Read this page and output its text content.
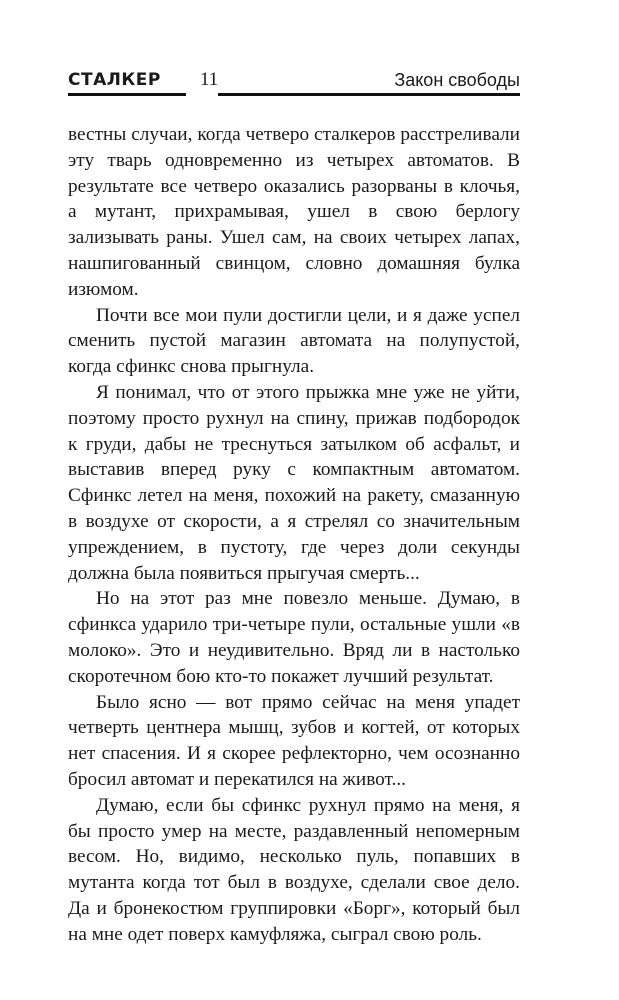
СТАЛКЕР 11	Закон свободы

вестны случаи, когда четверо сталкеров расстреливали эту тварь одновременно из четырех автоматов. В результате все четверо оказались разорваны в клочья, а мутант, прихрамывая, ушел в свою берлогу зализывать раны. Ушел сам, на своих четырех лапах, нашпигованный свинцом, словно домашняя булка изюмом.

Почти все мои пули достигли цели, и я даже успел сменить пустой магазин автомата на полупустой, когда сфинкс снова прыгнула.

Я понимал, что от этого прыжка мне уже не уйти, поэтому просто рухнул на спину, прижав подбородок к груди, дабы не треснуться затылком об асфальт, и выставив вперед руку с компактным автоматом. Сфинкс летел на меня, похожий на ракету, смазанную в воздухе от скорости, а я стрелял со значительным упреждением, в пустоту, где через доли секунды должна была появиться прыгучая смерть...

Но на этот раз мне повезло меньше. Думаю, в сфинкса ударило три-четыре пули, остальные ушли «в молоко». Это и неудивительно. Вряд ли в настолько скоротечном бою кто-то покажет лучший результат.

Было ясно — вот прямо сейчас на меня упадет четверть центнера мышц, зубов и когтей, от которых нет спасения. И я скорее рефлекторно, чем осознанно бросил автомат и перекатился на живот...

Думаю, если бы сфинкс рухнул прямо на меня, я бы просто умер на месте, раздавленный непомерным весом. Но, видимо, несколько пуль, попавших в мутанта когда тот был в воздухе, сделали свое дело. Да и бронекостюм группировки «Борг», который был на мне одет поверх камуфляжа, сыграл свою роль.
